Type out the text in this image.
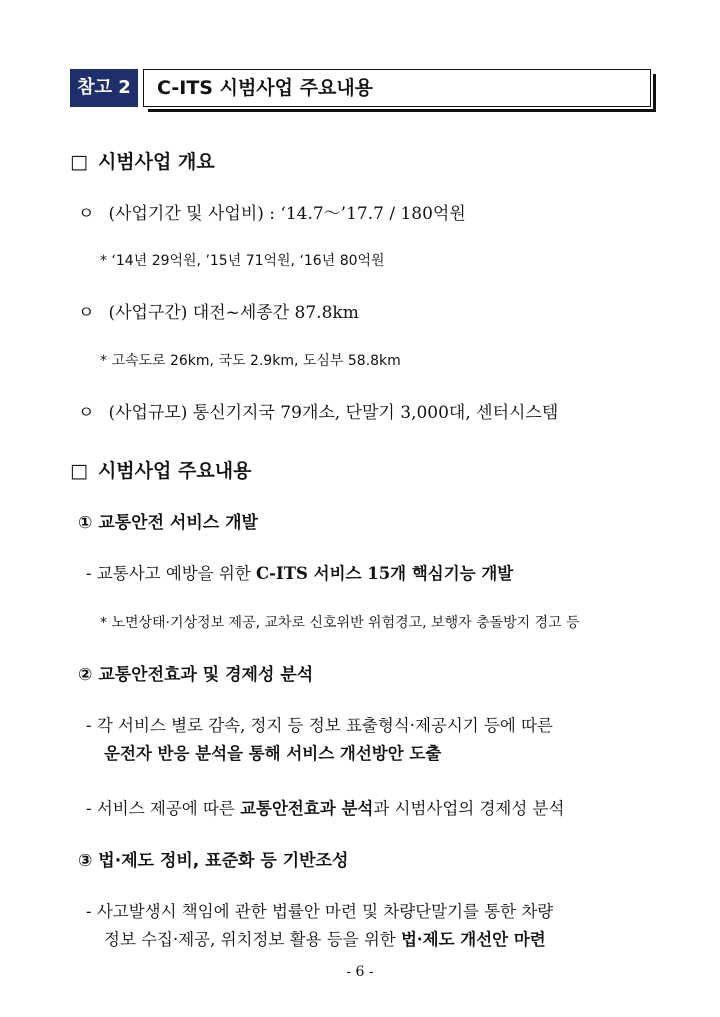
참고 2	C-ITS 시범사업 주요내용
□ 시범사업 개요
ㅇ (사업기간 및 사업비) : ‘14.7～’17.7 / 180억원
* ‘14년 29억원, ’15년 71억원, ‘16년 80억원
ㅇ (사업구간) 대전~세종간 87.8km
* 고속도로 26km, 국도 2.9km, 도심부 58.8km
ㅇ (사업규모) 통신기지국 79개소, 단말기 3,000대, 센터시스템
□ 시범사업 주요내용
① 교통안전 서비스 개발
- 교통사고 예방을 위한 C-ITS 서비스 15개 핵심기능 개발
* 노면상태·기상정보 제공, 교차로 신호위반 위험경고, 보행자 충돌방지 경고 등
② 교통안전효과 및 경제성 분석
- 각 서비스 별로 감속, 정지 등 정보 표출형식·제공시기 등에 따른
운전자 반응 분석을 통해 서비스 개선방안 도출
- 서비스 제공에 따른 교통안전효과 분석과 시범사업의 경제성 분석
③ 법·제도 정비, 표준화 등 기반조성
- 사고발생시 책임에 관한 법률안 마련 및 차량단말기를 통한 차량
정보 수집·제공, 위치정보 활용 등을 위한 법·제도 개선안 마련
- 6 -
